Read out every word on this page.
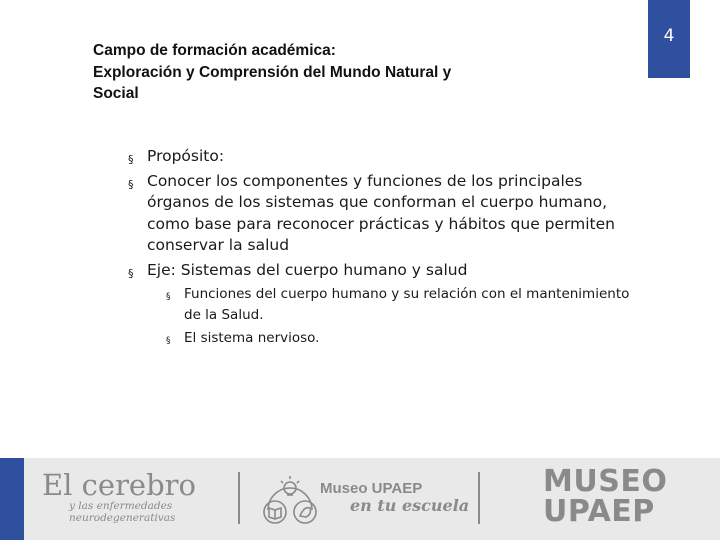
4
Campo de formación académica:
Exploración y Comprensión del Mundo Natural y
Social
§ Propósito:
§ Conocer los componentes y funciones de los principales
órganos de los sistemas que conforman el cuerpo humano,
como base para reconocer prácticas y hábitos que permiten
conservar la salud
§ Eje: Sistemas del cuerpo humano y salud
§ Funciones del cuerpo humano y su relación con el mantenimiento
de la Salud.
§ El sistema nervioso.
El cerebro
y las enfermedades
neurodegenerativas
Museo UPAEP
en tu escuela
MUSEO
UPAEP
